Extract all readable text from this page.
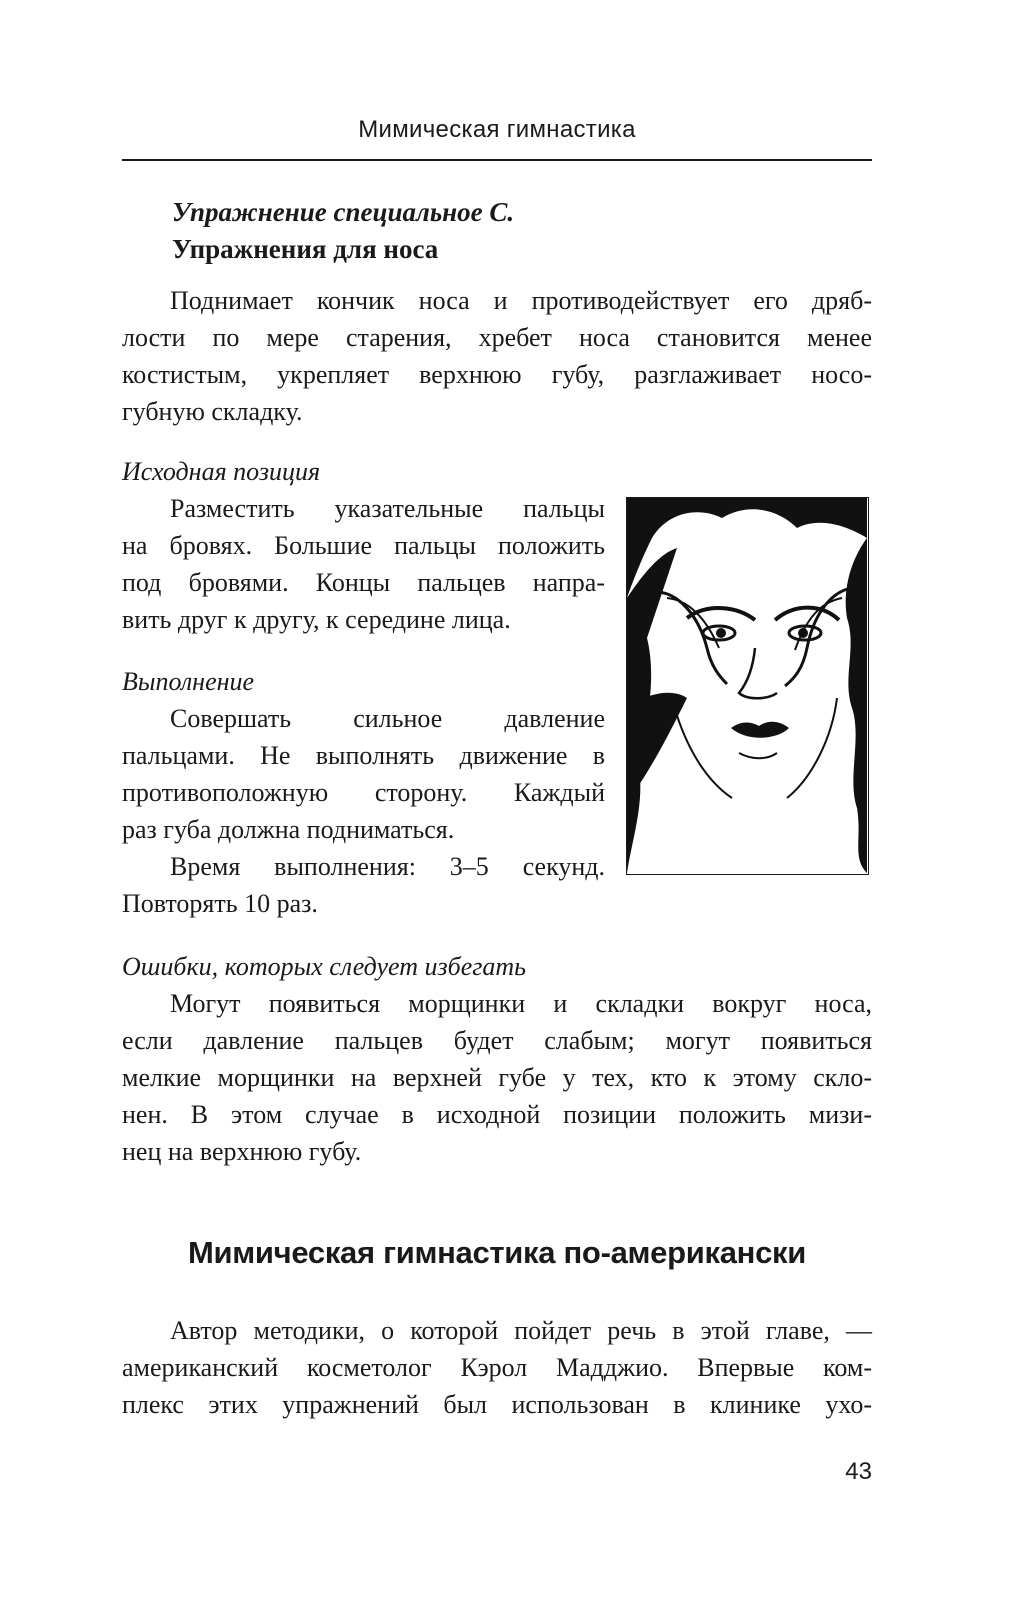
Мимическая гимнастика
Упражнение специальное С.
Упражнения для носа
Поднимает кончик носа и противодействует его дряб-
лости по мере старения, хребет носа становится менее
костистым, укрепляет верхнюю губу, разглаживает носо-
губную складку.
Исходная позиция
Разместить указательные пальцы
на бровях. Большие пальцы положить
под бровями. Концы пальцев напра-
вить друг к другу, к середине лица.
Выполнение
Совершать сильное давление
пальцами. Не выполнять движение в
противоположную сторону. Каждый
раз губа должна подниматься.
Время выполнения: 3–5 секунд.
Повторять 10 раз.
Ошибки, которых следует избегать
Могут появиться морщинки и складки вокруг носа,
если давление пальцев будет слабым; могут появиться
мелкие морщинки на верхней губе у тех, кто к этому скло-
нен. В этом случае в исходной позиции положить мизи-
нец на верхнюю губу.
Мимическая гимнастика по-американски
Автор методики, о которой пойдет речь в этой главе, —
американский косметолог Кэрол Мадджио. Впервые ком-
плекс этих упражнений был использован в клинике ухо-
43
